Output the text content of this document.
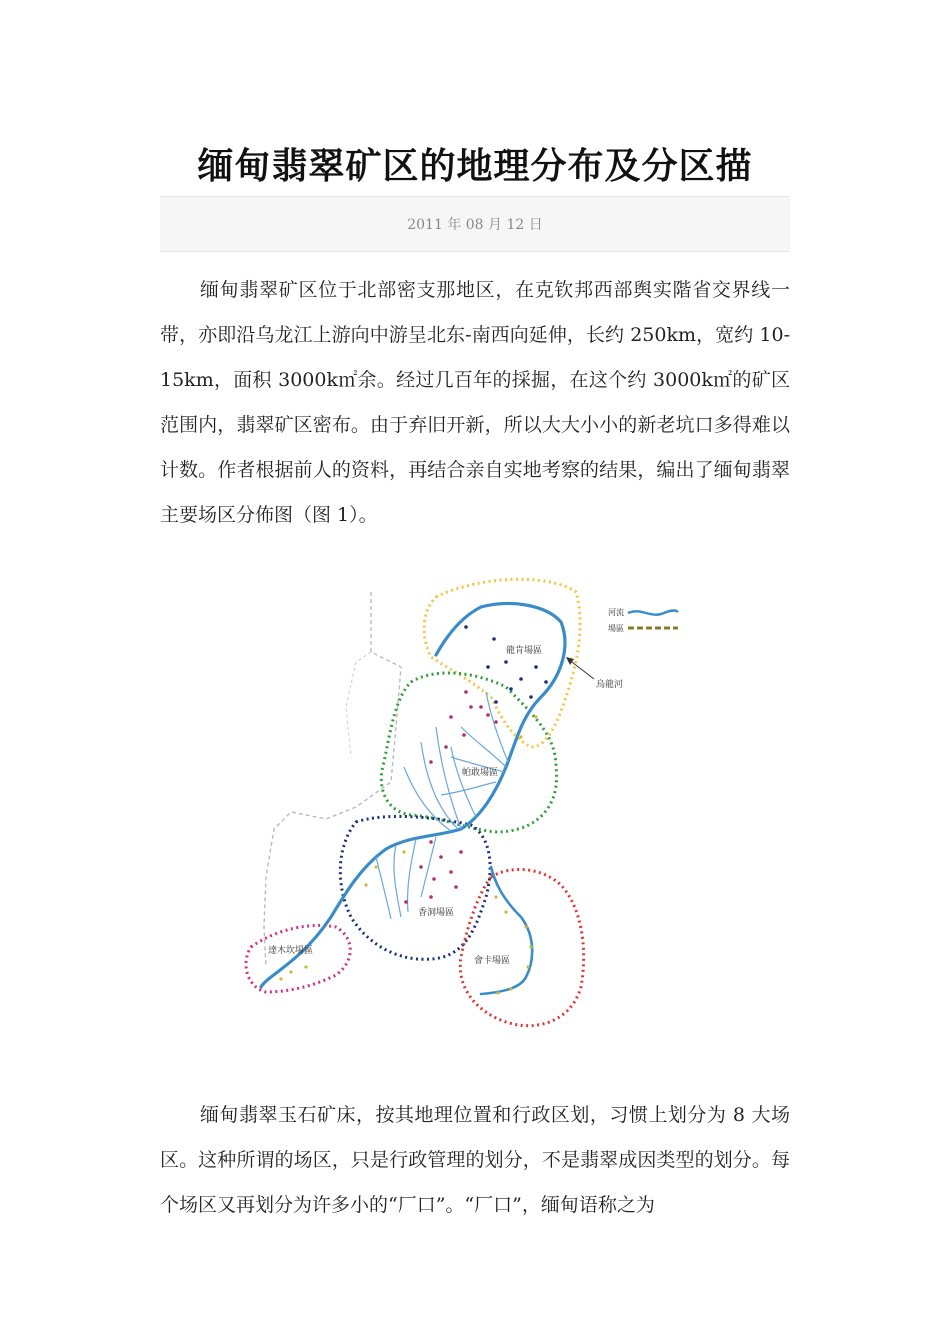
缅甸翡翠矿区的地理分布及分区描
2011 年 08 月 12 日

缅甸翡翠矿区位于北部密支那地区，在克钦邦西部舆实階省交界线一带，亦即沿乌龙江上游向中游呈北东-南西向延伸，长约 250km，宽约 10-15km，面积 3000k㎡余。经过几百年的採掘，在这个约 3000k㎡的矿区范围内，翡翠矿区密布。由于弃旧开新，所以大大小小的新老坑口多得难以计数。作者根据前人的资料，再结合亲自实地考察的结果，编出了缅甸翡翠主要场区分佈图（图 1）。

烏龍河
河流
場區
龍肯場區
帕敢場區
香洞場區
達木坎場區
會卡場區

缅甸翡翠玉石矿床，按其地理位置和行政区划，习惯上划分为 8 大场区。这种所谓的场区，只是行政管理的划分，不是翡翠成因类型的划分。每个场区又再划分为许多小的“厂口”。“厂口”，缅甸语称之为
